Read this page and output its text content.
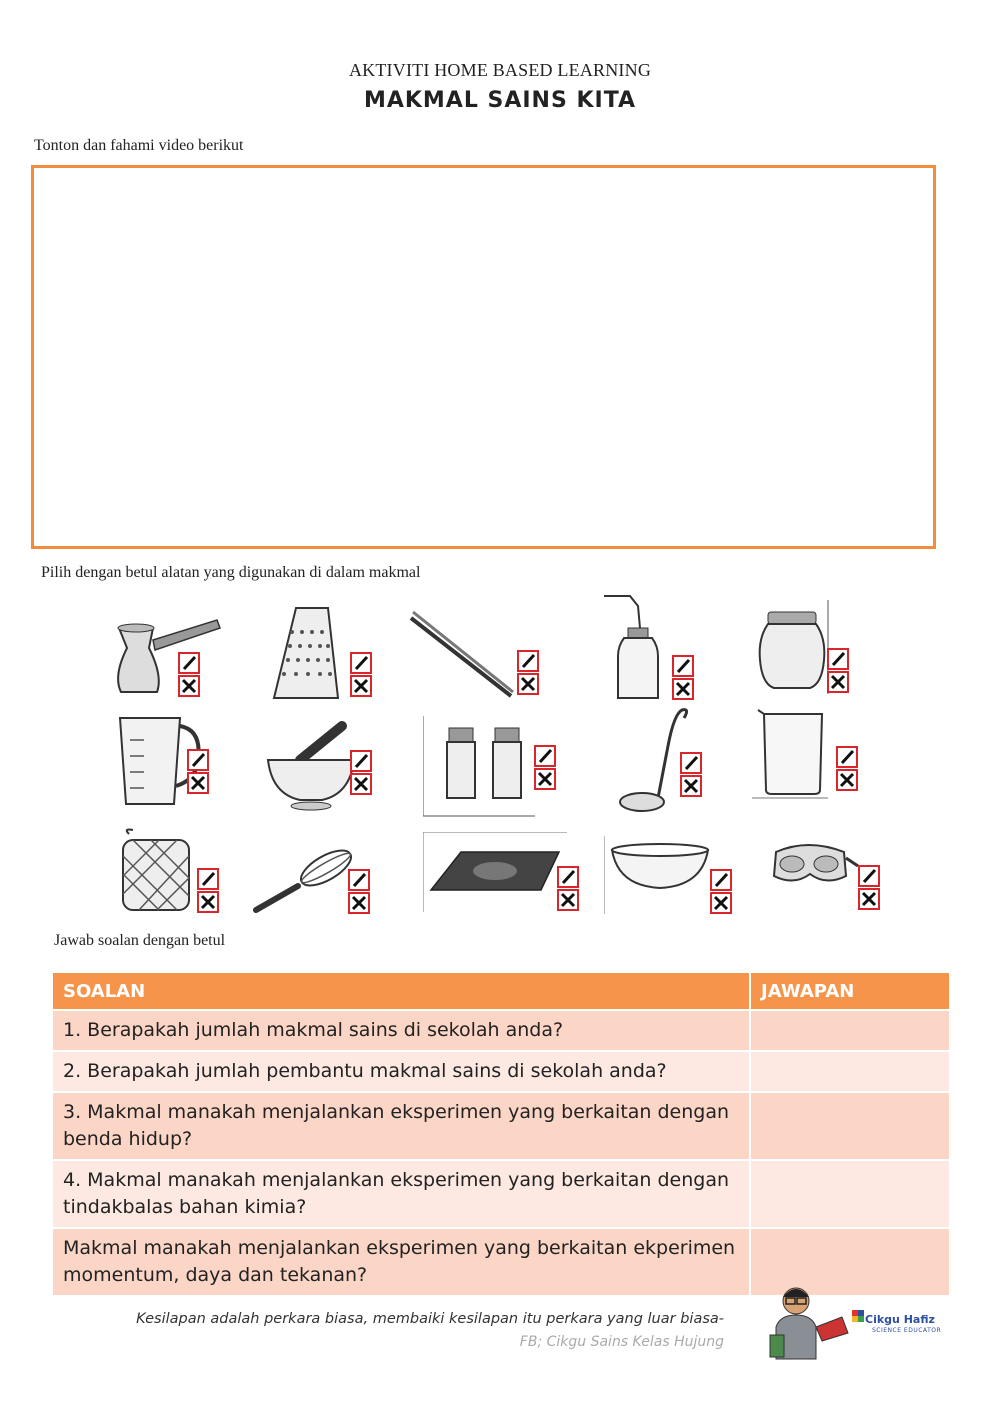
AKTIVITI HOME BASED LEARNING
MAKMAL SAINS KITA
Tonton dan fahami video berikut
Pilih dengan betul alatan yang digunakan di dalam makmal
Jawab soalan dengan betul
SOALAN	JAWAPAN
1. Berapakah jumlah makmal sains di sekolah anda?	
2. Berapakah jumlah pembantu makmal sains di sekolah anda?	
3. Makmal manakah menjalankan eksperimen yang berkaitan dengan benda hidup?	
4. Makmal manakah menjalankan eksperimen yang berkaitan dengan tindakbalas bahan kimia?	
Makmal manakah menjalankan eksperimen yang berkaitan ekperimen momentum, daya dan tekanan?	
Kesilapan adalah perkara biasa, membaiki kesilapan itu perkara yang luar biasa-
FB; Cikgu Sains Kelas Hujung
Cikgu Hafiz
SCIENCE EDUCATOR
